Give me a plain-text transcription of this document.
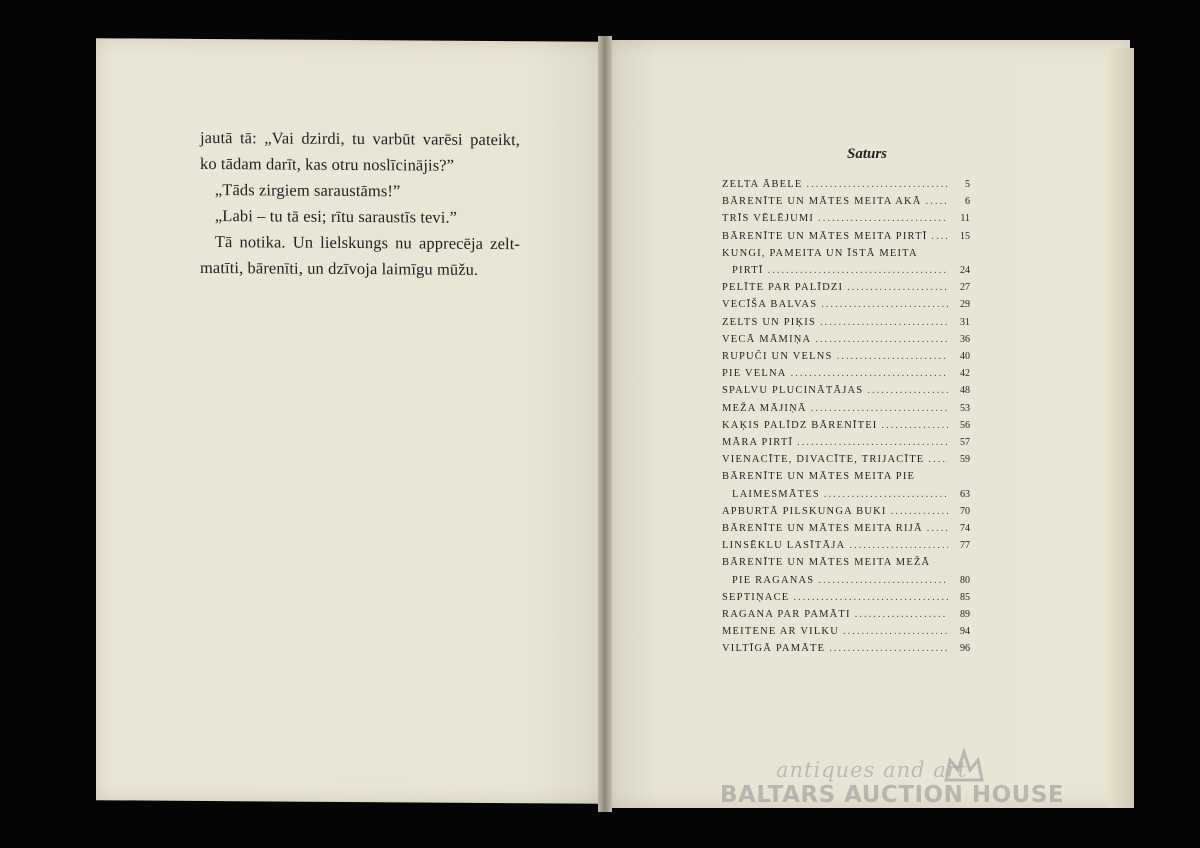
jautā tā: „Vai dzirdi, tu varbūt varēsi pateikt,

ko tādam darīt, kas otru noslīcinājis?”

„Tāds zirgiem saraustāms!”

„Labi – tu tā esi; rītu saraustīs tevi.”

Tā notika. Un lielskungs nu apprecēja zelt-

matīti, bārenīti, un dzīvoja laimīgu mūžu.

Saturs
ZELTA ĀBELE .....	5
BĀRENĪTE UN MĀTES MEITA AKĀ .....	6
TRĪS VĒLĒJUMI .....	11
BĀRENĪTE UN MĀTES MEITA PIRTĪ .....	15
KUNGI, PAMEITA UN ĪSTĀ MEITA
PIRTĪ .....	24
PELĪTE PAR PALĪDZI .....	27
VECĪŠA BALVAS .....	29
ZELTS UN PIĶIS .....	31
VECĀ MĀMIŅA .....	36
RUPUČI UN VELNS .....	40
PIE VELNA .....	42
SPALVU PLUCINĀTĀJAS .....	48
MEŽA MĀJIŅĀ .....	53
KAĶIS PALĪDZ BĀRENĪTEI .....	56
MĀRA PIRTĪ .....	57
VIENACĪTE, DIVACĪTE, TRIJACĪTE .....	59
BĀRENĪTE UN MĀTES MEITA PIE
LAIMESMĀTES .....	63
APBURTĀ PILSKUNGA BUKI .....	70
BĀRENĪTE UN MĀTES MEITA RIJĀ .....	74
LINSĒKLU LASĪTĀJA .....	77
BĀRENĪTE UN MĀTES MEITA MEŽĀ
PIE RAGANAS .....	80
SEPTIŅACE .....	85
RAGANA PAR PAMĀTI .....	89
MEITENE AR VILKU .....	94
VILTĪGĀ PAMĀTE .....	96
antiques and art
BALTARS AUCTION HOUSE
